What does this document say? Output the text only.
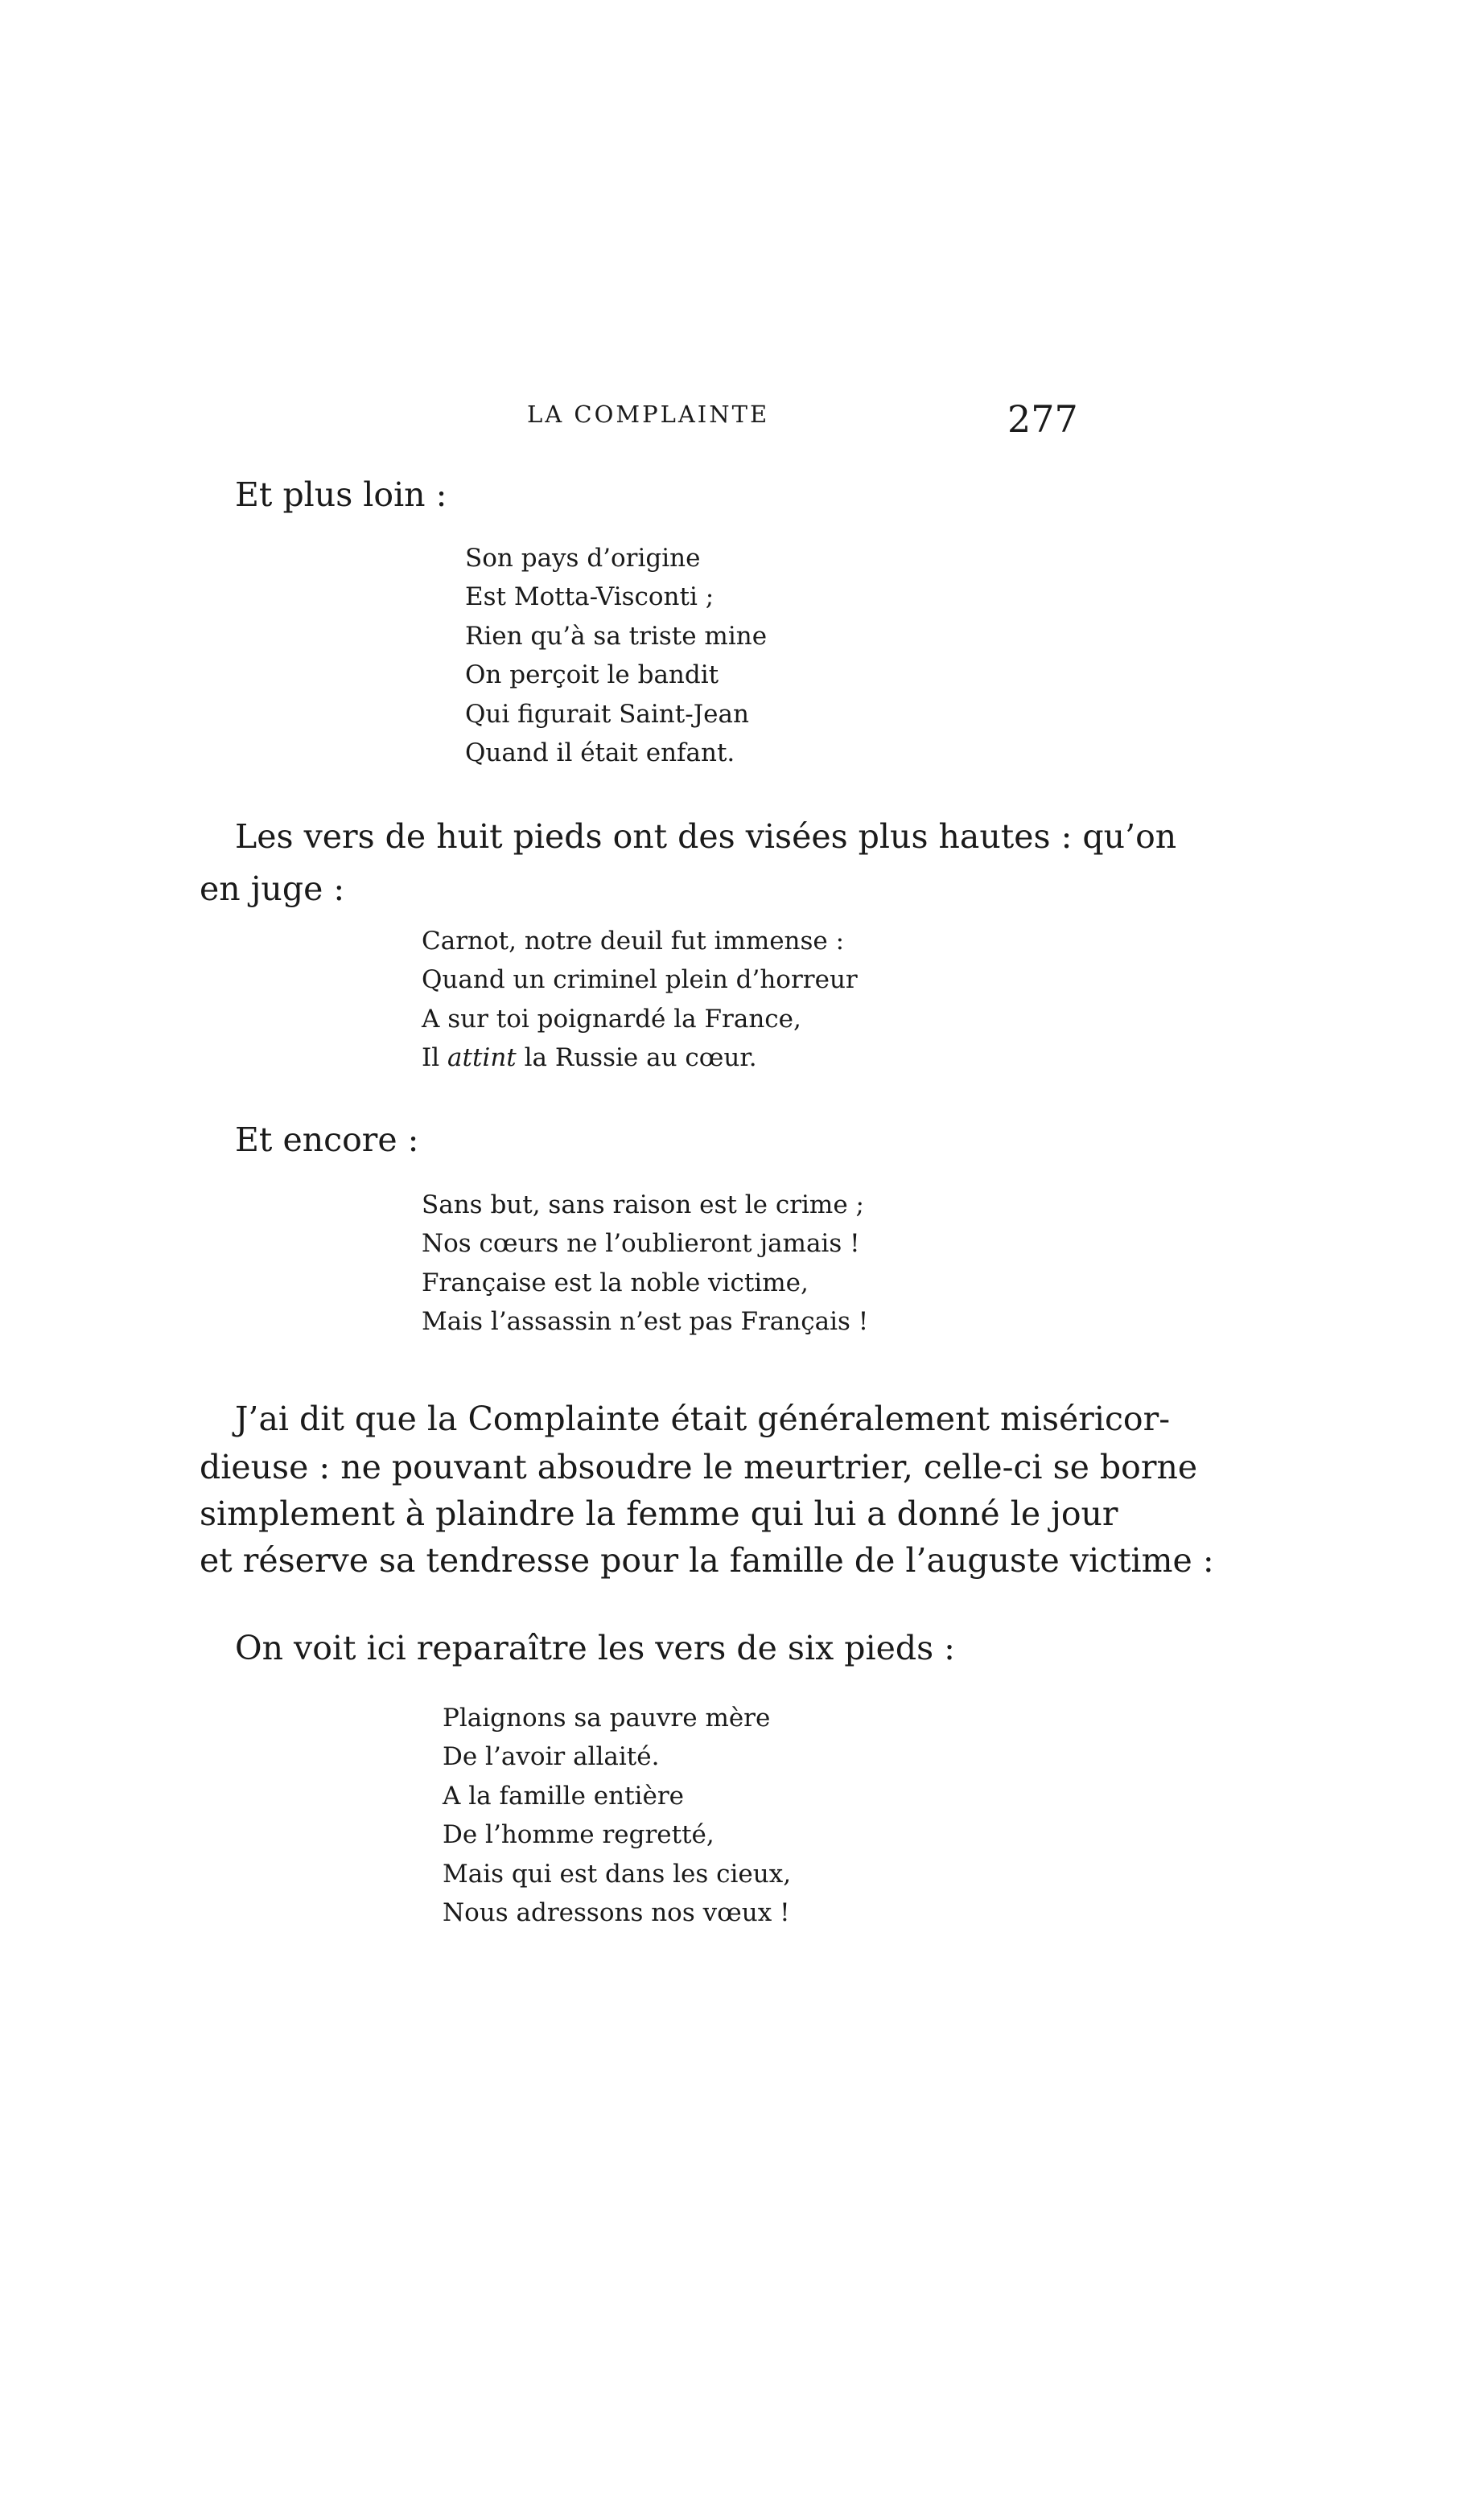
LA COMPLAINTE	277
Et plus loin :
Son pays d’origine
Est Motta-Visconti ;
Rien qu’à sa triste mine
On perçoit le bandit
Qui figurait Saint-Jean
Quand il était enfant.
Les vers de huit pieds ont des visées plus hautes : qu’on
en juge :
Carnot, notre deuil fut immense :
Quand un criminel plein d’horreur
A sur toi poignardé la France,
Il attint la Russie au cœur.
Et encore :
Sans but, sans raison est le crime ;
Nos cœurs ne l’oublieront jamais !
Française est la noble victime,
Mais l’assassin n’est pas Français !
J’ai dit que la Complainte était généralement miséricor-
dieuse : ne pouvant absoudre le meurtrier, celle-ci se borne
simplement à plaindre la femme qui lui a donné le jour
et réserve sa tendresse pour la famille de l’auguste victime :
On voit ici reparaître les vers de six pieds :
Plaignons sa pauvre mère
De l’avoir allaité.
A la famille entière
De l’homme regretté,
Mais qui est dans les cieux,
Nous adressons nos vœux !
